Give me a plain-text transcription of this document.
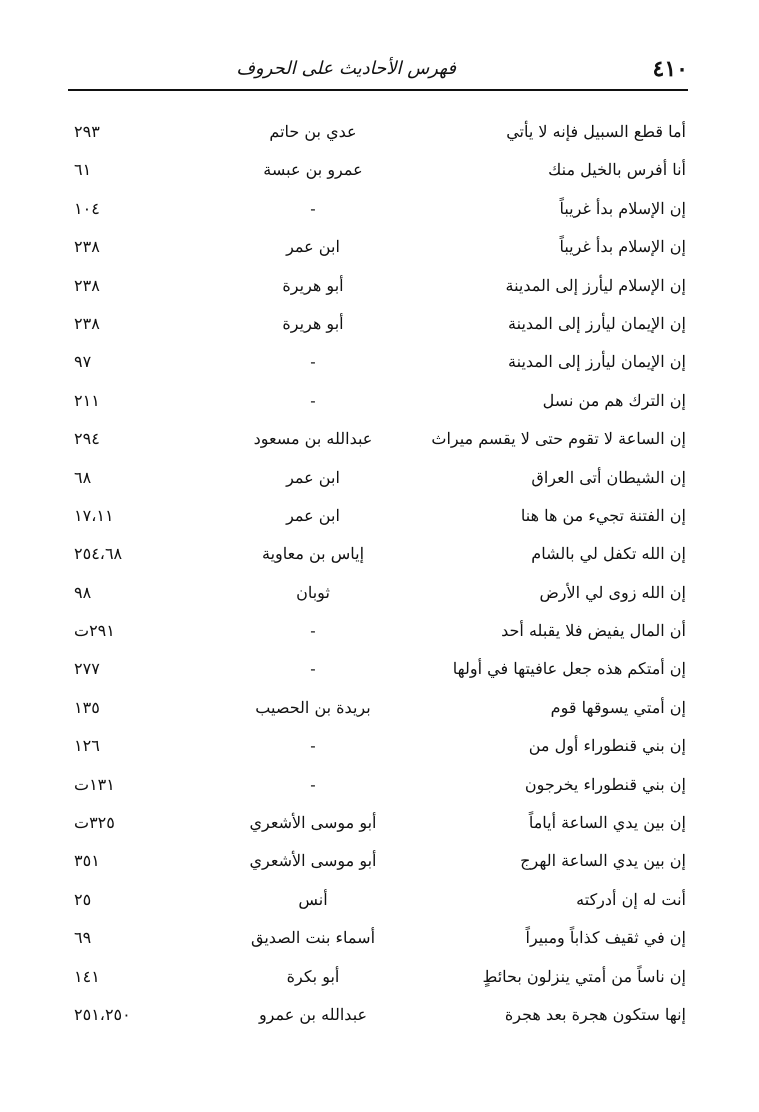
٤١٠
فهرس الأحاديث على الحروف
أما قطع السبيل فإنه لا يأتي
عدي بن حاتم
٢٩٣
أنا أفرس بالخيل منك
عمرو بن عبسة
٦١
إن الإسلام بدأ غريباً
-
١٠٤
إن الإسلام بدأ غريباً
ابن عمر
٢٣٨
إن الإسلام ليأرز إلى المدينة
أبو هريرة
٢٣٨
إن الإيمان ليأرز إلى المدينة
أبو هريرة
٢٣٨
إن الإيمان ليأرز إلى المدينة
-
٩٧
إن الترك هم من نسل
-
٢١١
إن الساعة لا تقوم حتى لا يقسم ميراث
عبدالله بن مسعود
٢٩٤
إن الشيطان أتى العراق
ابن عمر
٦٨
إن الفتنة تجيء من ها هنا
ابن عمر
١٧،١١
إن الله تكفل لي بالشام
إياس بن معاوية
٢٥٤،٦٨
إن الله زوى لي الأرض
ثوبان
٩٨
أن المال يفيض فلا يقبله أحد
-
٢٩١ت
إن أمتكم هذه جعل عافيتها في أولها
-
٢٧٧
إن أمتي يسوقها قوم
بريدة بن الحصيب
١٣٥
إن بني قنطوراء أول من
-
١٢٦
إن بني قنطوراء يخرجون
-
١٣١ت
إن بين يدي الساعة أياماً
أبو موسى الأشعري
٣٢٥ت
إن بين يدي الساعة الهرج
أبو موسى الأشعري
٣٥١
أنت له إن أدركته
أنس
٢٥
إن في ثقيف كذاباً ومبيراً
أسماء بنت الصديق
٦٩
إن ناساً من أمتي ينزلون بحائطٍ
أبو بكرة
١٤١
إنها ستكون هجرة بعد هجرة
عبدالله بن عمرو
٢٥١،٢٥٠
